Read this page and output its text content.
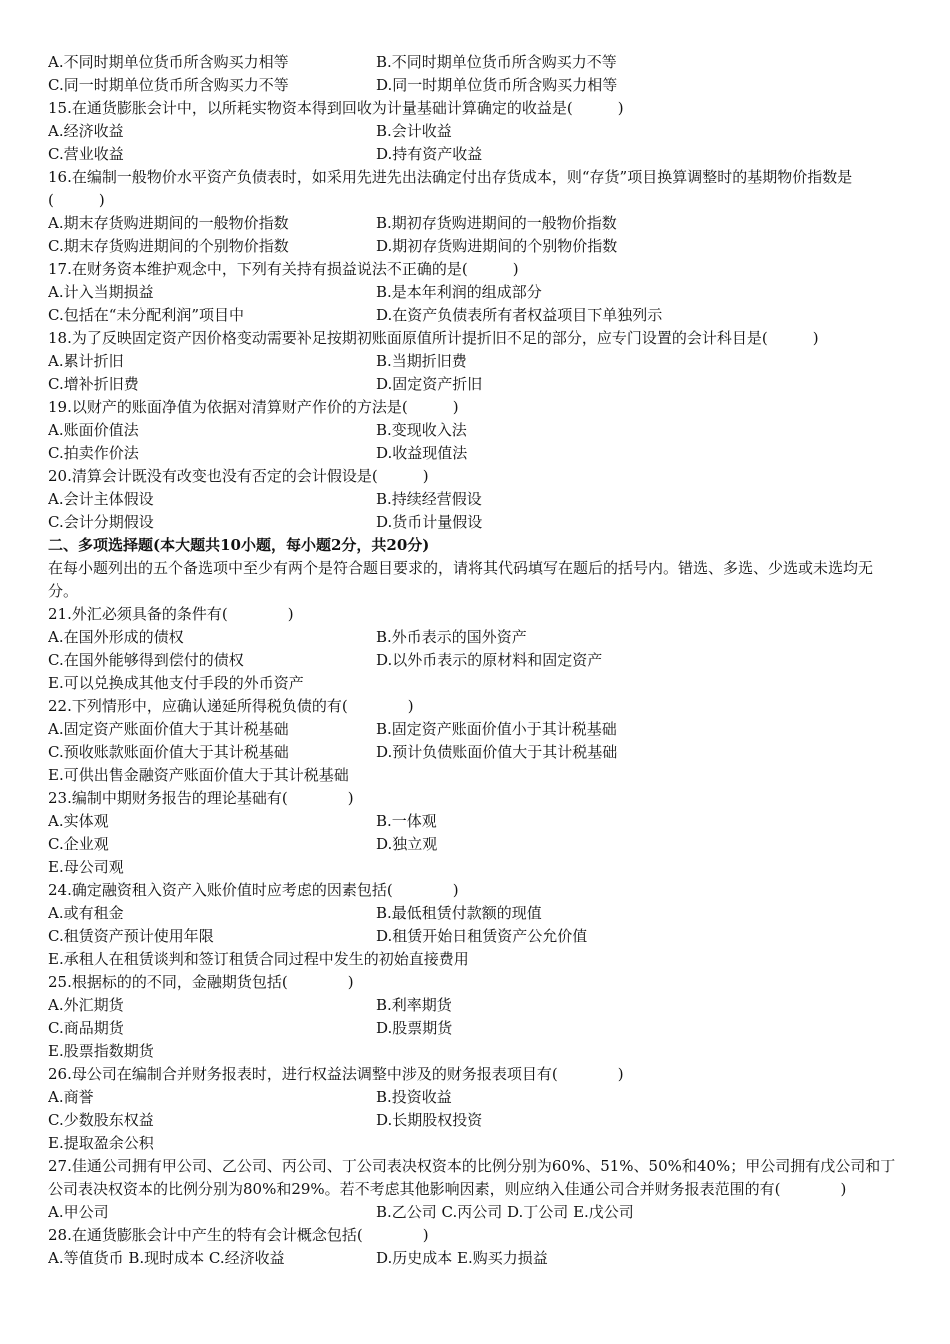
A.不同时期单位货币所含购买力相等	B.不同时期单位货币所含购买力不等
C.同一时期单位货币所含购买力不等	D.同一时期单位货币所含购买力相等
15.在通货膨胀会计中，以所耗实物资本得到回收为计量基础计算确定的收益是(　　　)
A.经济收益	B.会计收益
C.营业收益	D.持有资产收益
16.在编制一般物价水平资产负债表时，如采用先进先出法确定付出存货成本，则“存货”项目换算调整时的基期物价指数是(　　　)
A.期末存货购进期间的一般物价指数	B.期初存货购进期间的一般物价指数
C.期末存货购进期间的个别物价指数	D.期初存货购进期间的个别物价指数
17.在财务资本维护观念中，下列有关持有损益说法不正确的是(　　　)
A.计入当期损益	B.是本年利润的组成部分
C.包括在“未分配利润”项目中	D.在资产负债表所有者权益项目下单独列示
18.为了反映固定资产因价格变动需要补足按期初账面原值所计提折旧不足的部分，应专门设置的会计科目是(　　　)
A.累计折旧	B.当期折旧费
C.增补折旧费	D.固定资产折旧
19.以财产的账面净值为依据对清算财产作价的方法是(　　　)
A.账面价值法	B.变现收入法
C.拍卖作价法	D.收益现值法
20.清算会计既没有改变也没有否定的会计假设是(　　　)
A.会计主体假设	B.持续经营假设
C.会计分期假设	D.货币计量假设
二、多项选择题(本大题共10小题，每小题2分，共20分)
在每小题列出的五个备选项中至少有两个是符合题目要求的，请将其代码填写在题后的括号内。错选、多选、少选或未选均无分。
21.外汇必须具备的条件有(　　　　)
A.在国外形成的债权	B.外币表示的国外资产
C.在国外能够得到偿付的债权	D.以外币表示的原材料和固定资产
E.可以兑换成其他支付手段的外币资产
22.下列情形中，应确认递延所得税负债的有(　　　　)
A.固定资产账面价值大于其计税基础	B.固定资产账面价值小于其计税基础
C.预收账款账面价值大于其计税基础	D.预计负债账面价值大于其计税基础
E.可供出售金融资产账面价值大于其计税基础
23.编制中期财务报告的理论基础有(　　　　)
A.实体观	B.一体观
C.企业观	D.独立观
E.母公司观
24.确定融资租入资产入账价值时应考虑的因素包括(　　　　)
A.或有租金	B.最低租赁付款额的现值
C.租赁资产预计使用年限	D.租赁开始日租赁资产公允价值
E.承租人在租赁谈判和签订租赁合同过程中发生的初始直接费用
25.根据标的的不同，金融期货包括(　　　　)
A.外汇期货	B.利率期货
C.商品期货	D.股票期货
E.股票指数期货
26.母公司在编制合并财务报表时，进行权益法调整中涉及的财务报表项目有(　　　　)
A.商誉	B.投资收益
C.少数股东权益	D.长期股权投资
E.提取盈余公积
27.佳通公司拥有甲公司、乙公司、丙公司、丁公司表决权资本的比例分别为60%、51%、50%和40%；甲公司拥有戊公司和丁公司表决权资本的比例分别为80%和29%。若不考虑其他影响因素，则应纳入佳通公司合并财务报表范围的有(　　　　)
A.甲公司	B.乙公司 C.丙公司 D.丁公司 E.戊公司
28.在通货膨胀会计中产生的特有会计概念包括(　　　　)
A.等值货币 B.现时成本 C.经济收益	D.历史成本 E.购买力损益
